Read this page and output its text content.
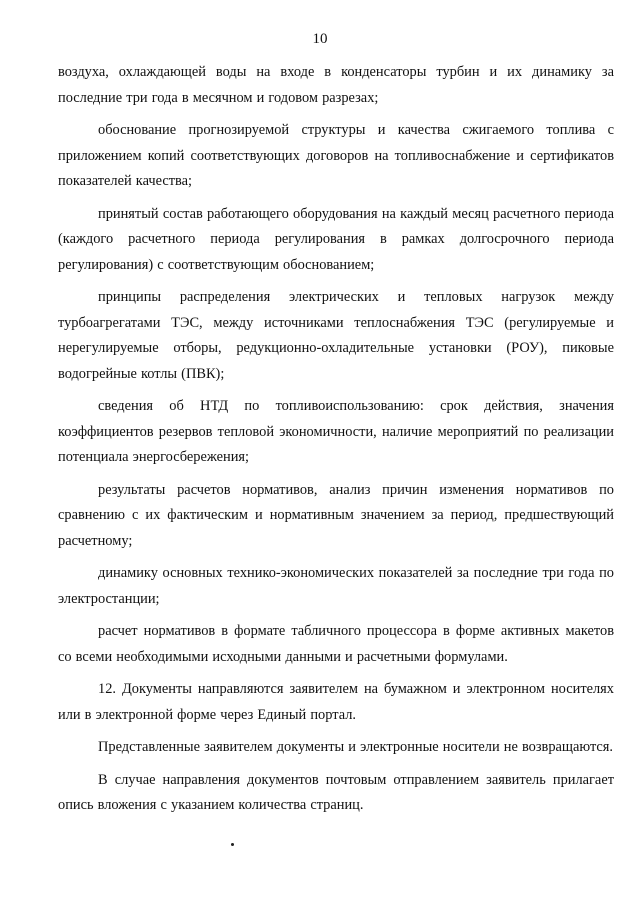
10

воздуха, охлаждающей воды на входе в конденсаторы турбин и их динамику за последние три года в месячном и годовом разрезах;

обоснование прогнозируемой структуры и качества сжигаемого топлива с приложением копий соответствующих договоров на топливоснабжение и сертификатов показателей качества;

принятый состав работающего оборудования на каждый месяц расчетного периода (каждого расчетного периода регулирования в рамках долгосрочного периода регулирования) с соответствующим обоснованием;

принципы распределения электрических и тепловых нагрузок между турбоагрегатами ТЭС, между источниками теплоснабжения ТЭС (регулируемые и нерегулируемые отборы, редукционно-охладительные установки (РОУ), пиковые водогрейные котлы (ПВК);

сведения об НТД по топливоиспользованию: срок действия, значения коэффициентов резервов тепловой экономичности, наличие мероприятий по реализации потенциала энергосбережения;

результаты расчетов нормативов, анализ причин изменения нормативов по сравнению с их фактическим и нормативным значением за период, предшествующий расчетному;

динамику основных технико-экономических показателей за последние три года по электростанции;

расчет нормативов в формате табличного процессора в форме активных макетов со всеми необходимыми исходными данными и расчетными формулами.

12. Документы направляются заявителем на бумажном и электронном носителях или в электронной форме через Единый портал.

Представленные заявителем документы и электронные носители не возвращаются.

В случае направления документов почтовым отправлением заявитель прилагает опись вложения с указанием количества страниц.
